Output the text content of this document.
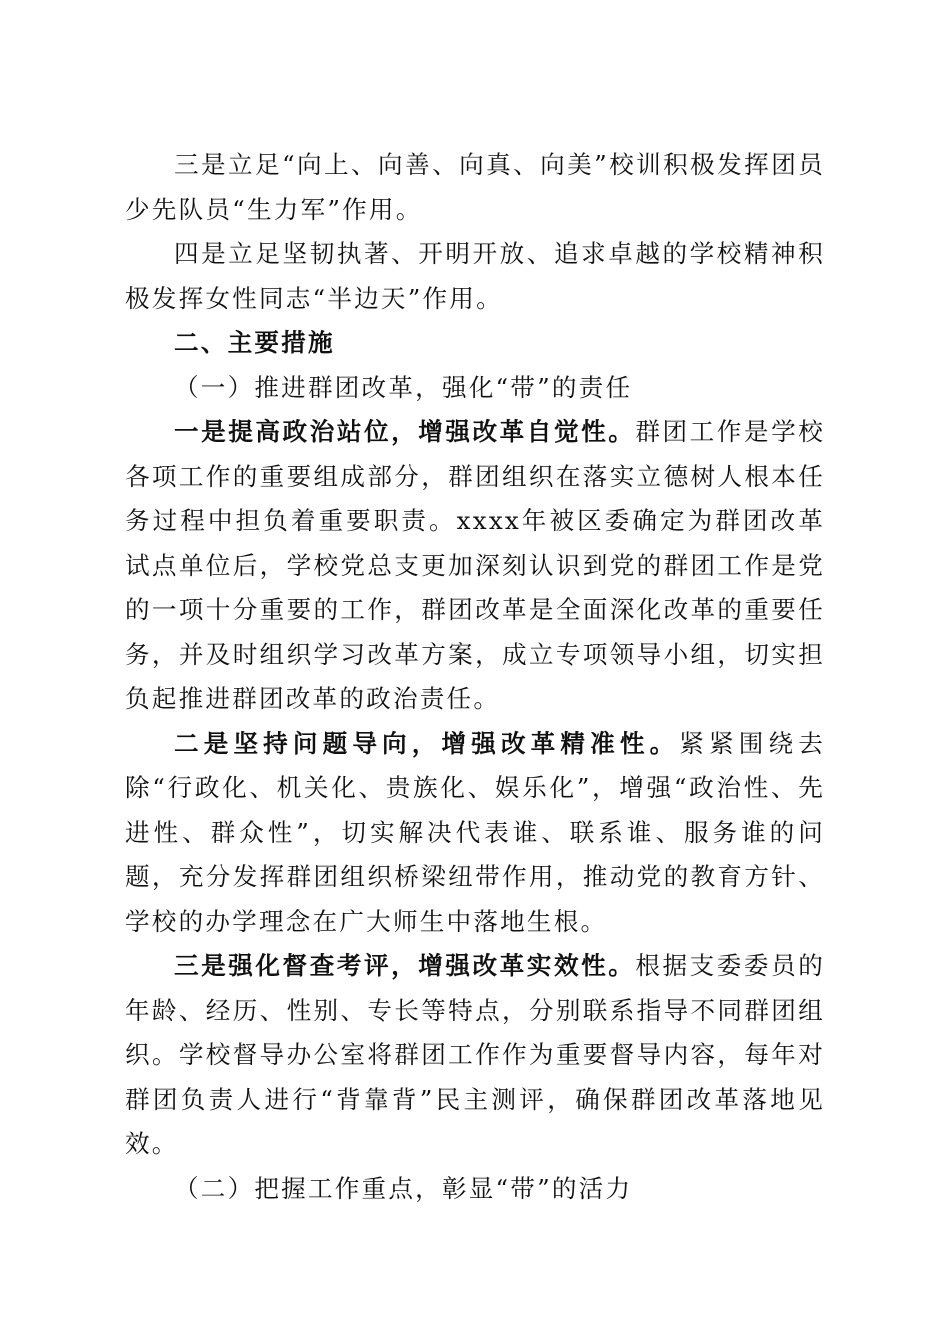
三是立足“向上、向善、向真、向美”校训积极发挥团员少先队员“生力军”作用。

四是立足坚韧执著、开明开放、追求卓越的学校精神积极发挥女性同志“半边天”作用。

二、主要措施
（一）推进群团改革，强化“带”的责任

一是提高政治站位，增强改革自觉性。群团工作是学校各项工作的重要组成部分，群团组织在落实立德树人根本任务过程中担负着重要职责。xxxx年被区委确定为群团改革试点单位后，学校党总支更加深刻认识到党的群团工作是党的一项十分重要的工作，群团改革是全面深化改革的重要任务，并及时组织学习改革方案，成立专项领导小组，切实担负起推进群团改革的政治责任。

二是坚持问题导向，增强改革精准性。紧紧围绕去除“行政化、机关化、贵族化、娱乐化”，增强“政治性、先进性、群众性”，切实解决代表谁、联系谁、服务谁的问题，充分发挥群团组织桥梁纽带作用，推动党的教育方针、学校的办学理念在广大师生中落地生根。

三是强化督查考评，增强改革实效性。根据支委委员的年龄、经历、性别、专长等特点，分别联系指导不同群团组织。学校督导办公室将群团工作作为重要督导内容，每年对群团负责人进行“背靠背”民主测评，确保群团改革落地见效。

（二）把握工作重点，彰显“带”的活力
